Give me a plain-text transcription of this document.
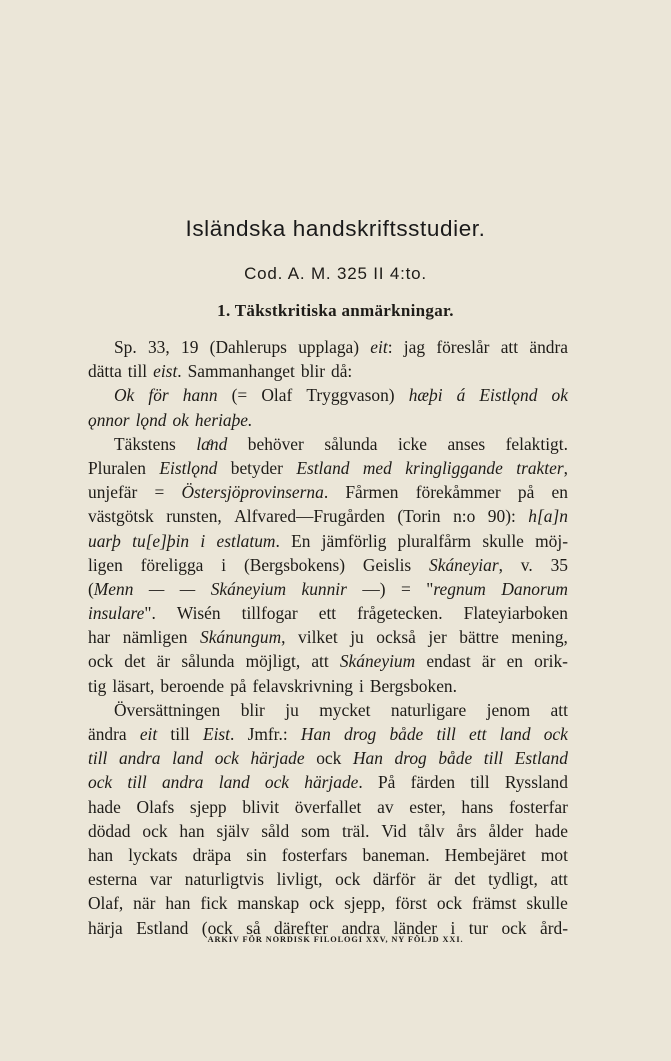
Isländska handskriftsstudier.
Cod. A. M. 325 II 4:to.
1. Täkstkritiska anmärkningar.
Sp. 33, 19 (Dahlerups upplaga) eit: jag föreslår att ändra
dätta till eist. Sammanhanget blir då:
Ok för hann (= Olaf Tryggvason) hæþi á Eistlǫnd ok
ǫnnor lǫnd ok heriaþe.
Täkstens laͦnd behöver sålunda icke anses felaktigt.
Pluralen Eistlǫnd betyder Estland med kringliggande trakter,
unjefär = Östersjöprovinserna. Fårmen förekåmmer på en
västgötsk runsten, Alfvared—Frugården (Torin n:o 90): h[a]n
uarþ tu[e]þin i estlatum. En jämförlig pluralfårm skulle möj-
ligen föreligga i (Bergsbokens) Geislis Skáneyiar, v. 35
(Menn — — Skáneyium kunnir —) = "regnum Danorum
insulare". Wisén tillfogar ett frågetecken. Flateyiarboken
har nämligen Skánungum, vilket ju också jer bättre mening,
ock det är sålunda möjligt, att Skáneyium endast är en orik-
tig läsart, beroende på felavskrivning i Bergsboken.
Översättningen blir ju mycket naturligare jenom att
ändra eit till Eist. Jmfr.: Han drog både till ett land ock
till andra land ock härjade ock Han drog både till Estland
ock till andra land ock härjade. På färden till Ryssland
hade Olafs sjepp blivit överfallet av ester, hans fosterfar
dödad ock han själv såld som träl. Vid tålv års ålder hade
han lyckats dräpa sin fosterfars baneman. Hembejäret mot
esterna var naturligtvis livligt, ock därför är det tydligt, att
Olaf, när han fick manskap ock sjepp, först ock främst skulle
härja Estland (ock så därefter andra länder i tur ock ård-
ARKIV FÖR NORDISK FILOLOGI XXV, NY FÖLJD XXI.
